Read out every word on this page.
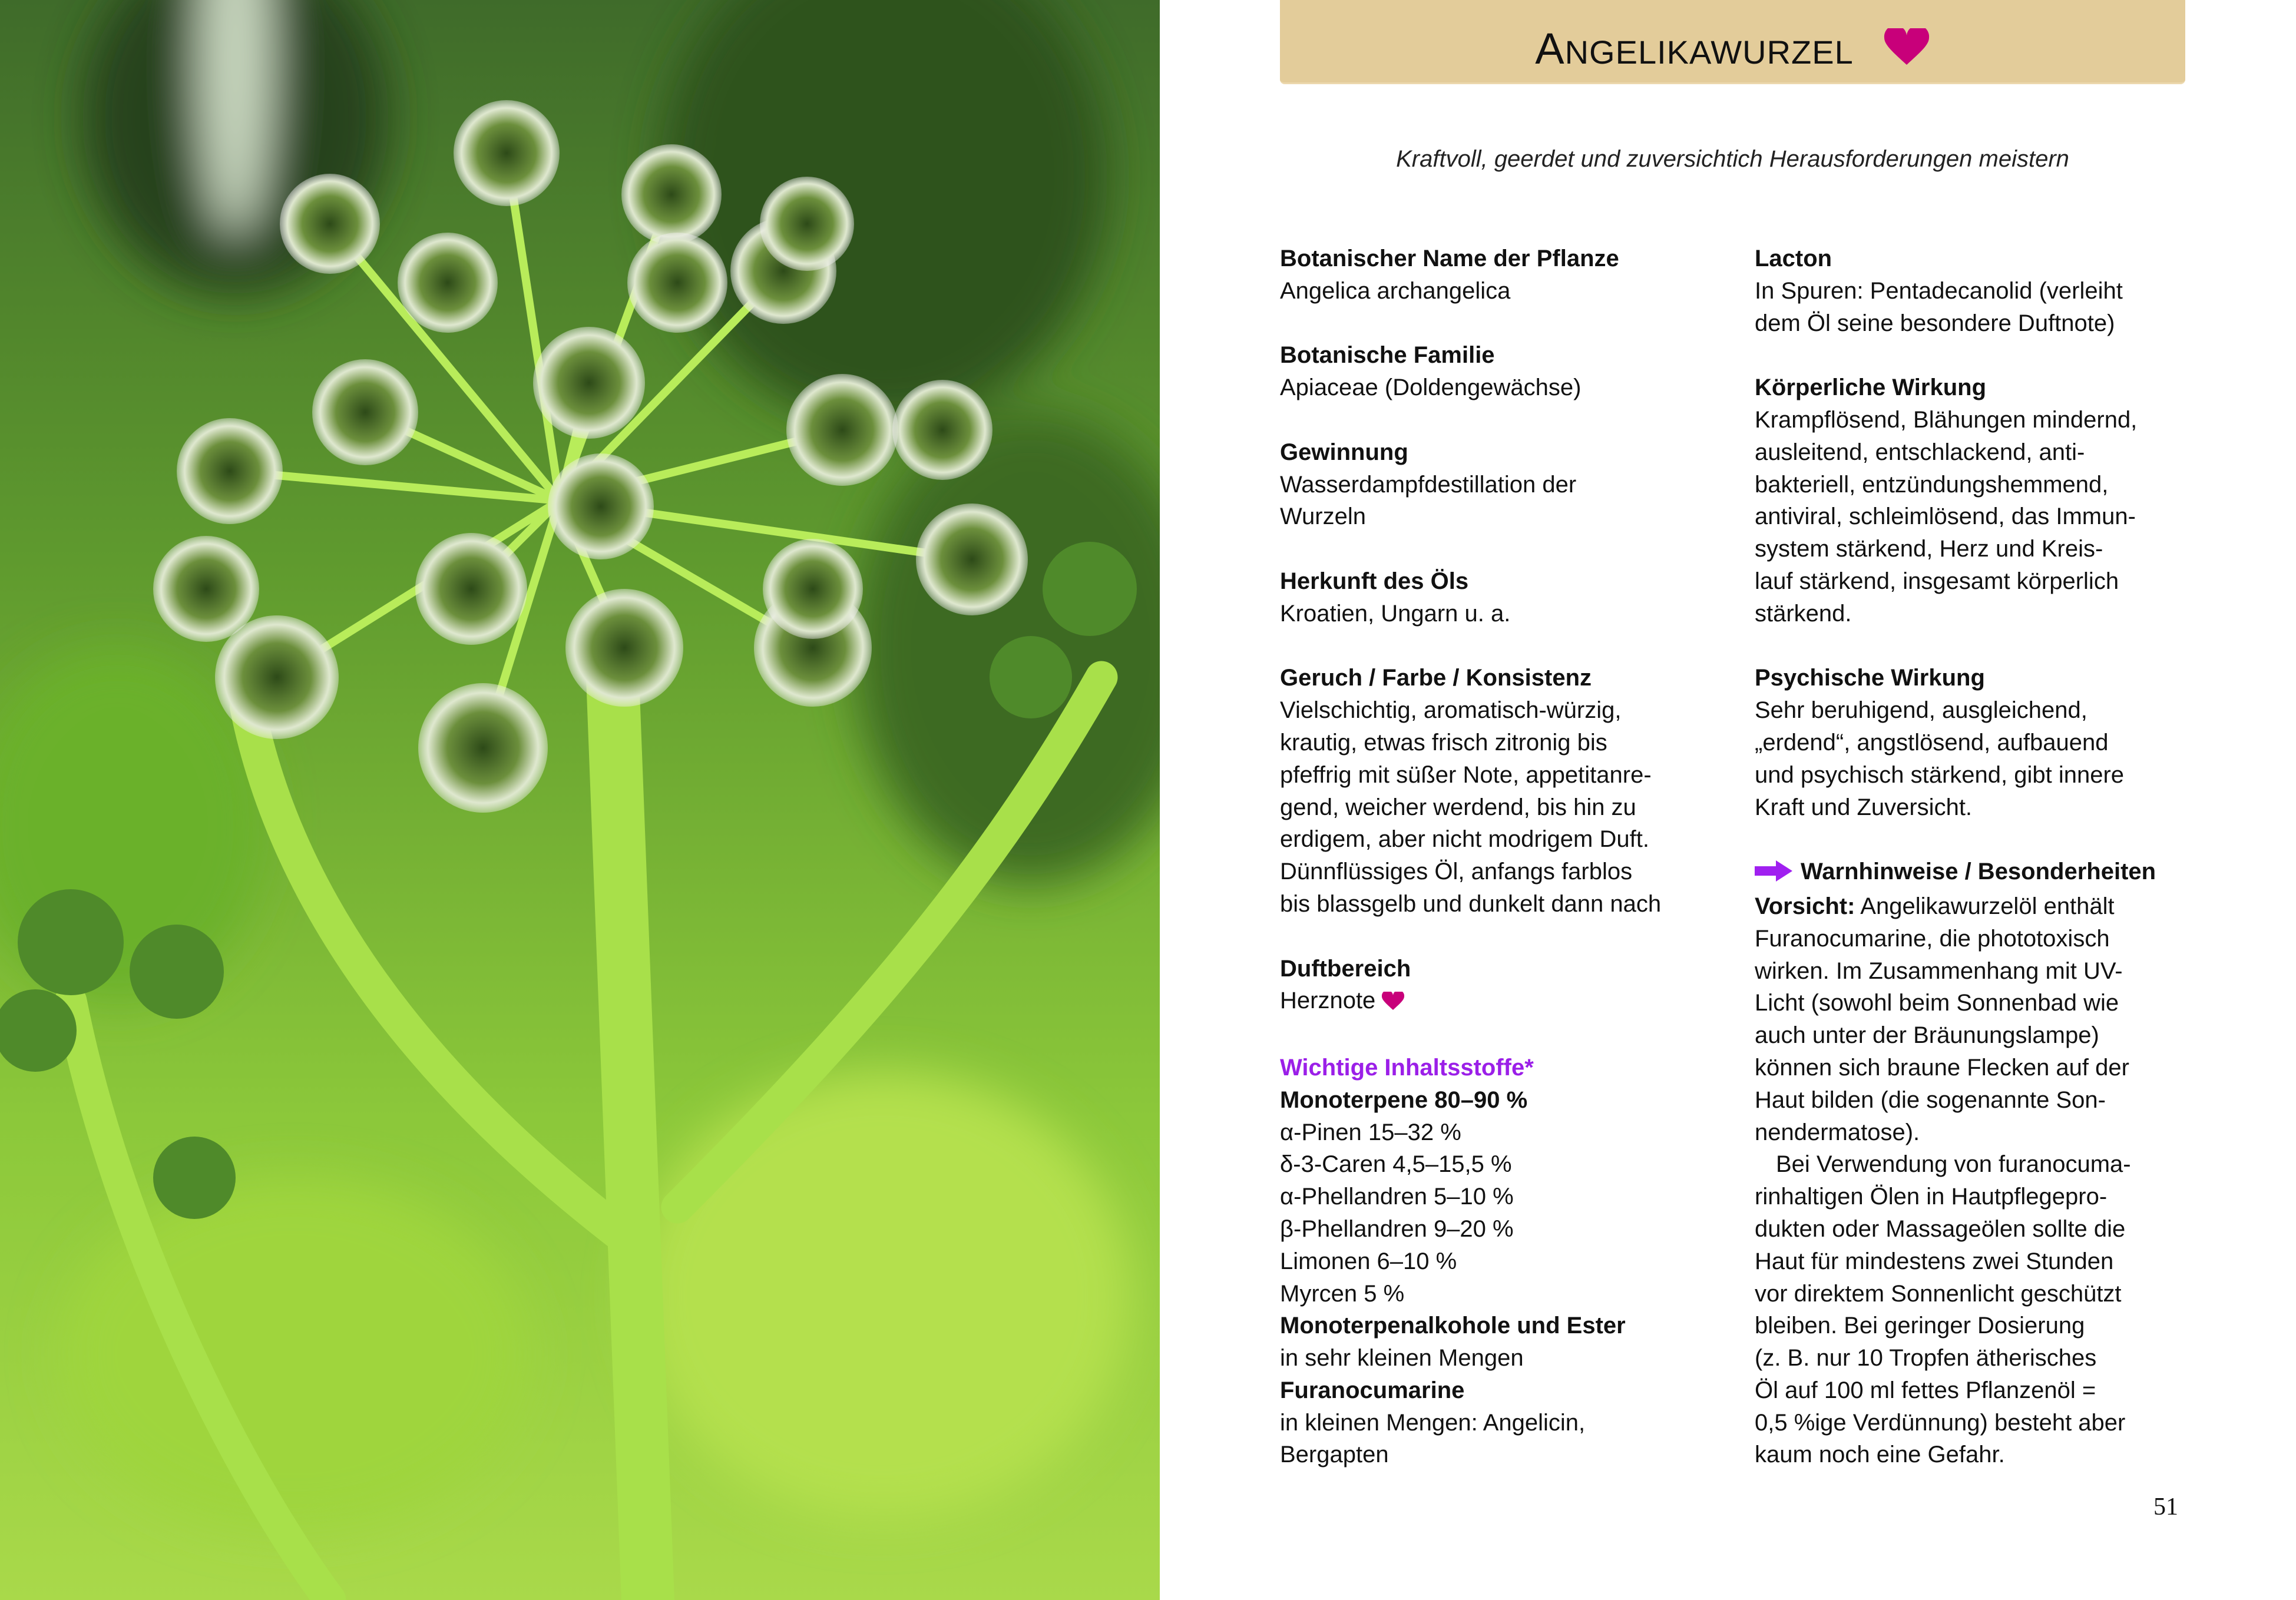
ANGELIKAWURZEL
Kraftvoll, geerdet und zuversichtich Herausforderungen meistern
Botanischer Name der Pflanze
Angelica archangelica
Botanische Familie
Apiaceae (Doldengewächse)
Gewinnung
Wasserdampfdestillation der
Wurzeln
Herkunft des Öls
Kroatien, Ungarn u. a.
Geruch / Farbe / Konsistenz
Vielschichtig, aromatisch-würzig,
krautig, etwas frisch zitronig bis
pfeffrig mit süßer Note, appetitanre-
gend, weicher werdend, bis hin zu
erdigem, aber nicht modrigem Duft.
Dünnflüssiges Öl, anfangs farblos
bis blassgelb und dunkelt dann nach
Duftbereich
Herznote
Wichtige Inhaltsstoffe*
Monoterpene 80–90 %
α-Pinen 15–32 %
δ-3-Caren 4,5–15,5 %
α-Phellandren 5–10 %
β-Phellandren 9–20 %
Limonen 6–10 %
Myrcen 5 %
Monoterpenalkohole und Ester
in sehr kleinen Mengen
Furanocumarine
in kleinen Mengen: Angelicin,
Bergapten
Lacton
In Spuren: Pentadecanolid (verleiht
dem Öl seine besondere Duftnote)
Körperliche Wirkung
Krampflösend, Blähungen mindernd,
ausleitend, entschlackend, anti-
bakteriell, entzündungshemmend,
antiviral, schleimlösend, das Immun-
system stärkend, Herz und Kreis-
lauf stärkend, insgesamt körperlich
stärkend.
Psychische Wirkung
Sehr beruhigend, ausgleichend,
„erdend“, angstlösend, aufbauend
und psychisch stärkend, gibt innere
Kraft und Zuversicht.
Warnhinweise / Besonderheiten
Vorsicht: Angelikawurzelöl enthält
Furanocumarine, die phototoxisch
wirken. Im Zusammenhang mit UV-
Licht (sowohl beim Sonnenbad wie
auch unter der Bräunungslampe)
können sich braune Flecken auf der
Haut bilden (die sogenannte Son-
nendermatose).
Bei Verwendung von furanocuma-
rinhaltigen Ölen in Hautpflegepro-
dukten oder Massageölen sollte die
Haut für mindestens zwei Stunden
vor direktem Sonnenlicht geschützt
bleiben. Bei geringer Dosierung
(z. B. nur 10 Tropfen ätherisches
Öl auf 100 ml fettes Pflanzenöl =
0,5 %ige Verdünnung) besteht aber
kaum noch eine Gefahr.
51
